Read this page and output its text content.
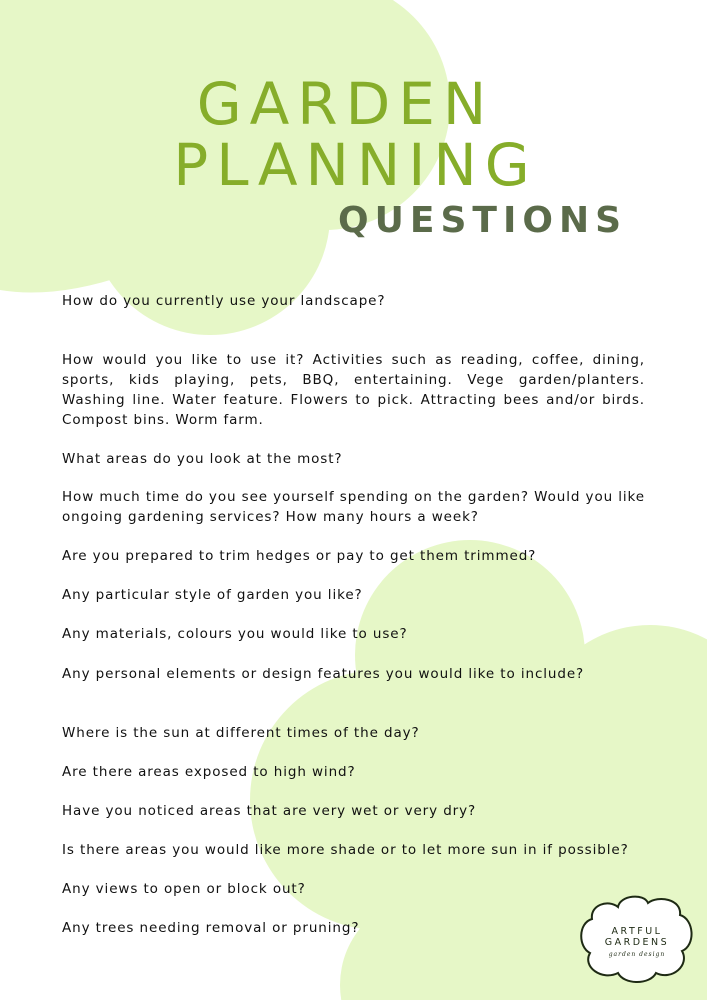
GARDEN
PLANNING
QUESTIONS

How do you currently use your landscape?

How would you like to use it? Activities such as reading, coffee, dining, sports, kids playing, pets, BBQ, entertaining. Vege garden/planters. Washing line. Water feature. Flowers to pick. Attracting bees and/or birds. Compost bins. Worm farm.

What areas do you look at the most?

How much time do you see yourself spending on the garden? Would you like ongoing gardening services? How many hours a week?

Are you prepared to trim hedges or pay to get them trimmed?

Any particular style of garden you like?

Any materials, colours you would like to use?

Any personal elements or design features you would like to include?

Where is the sun at different times of the day?

Are there areas exposed to high wind?

Have you noticed areas that are very wet or very dry?

Is there areas you would like more shade or to let more sun in if possible?

Any views to open or block out?

Any trees needing removal or pruning?	ARTFUL
GARDENS
garden design
